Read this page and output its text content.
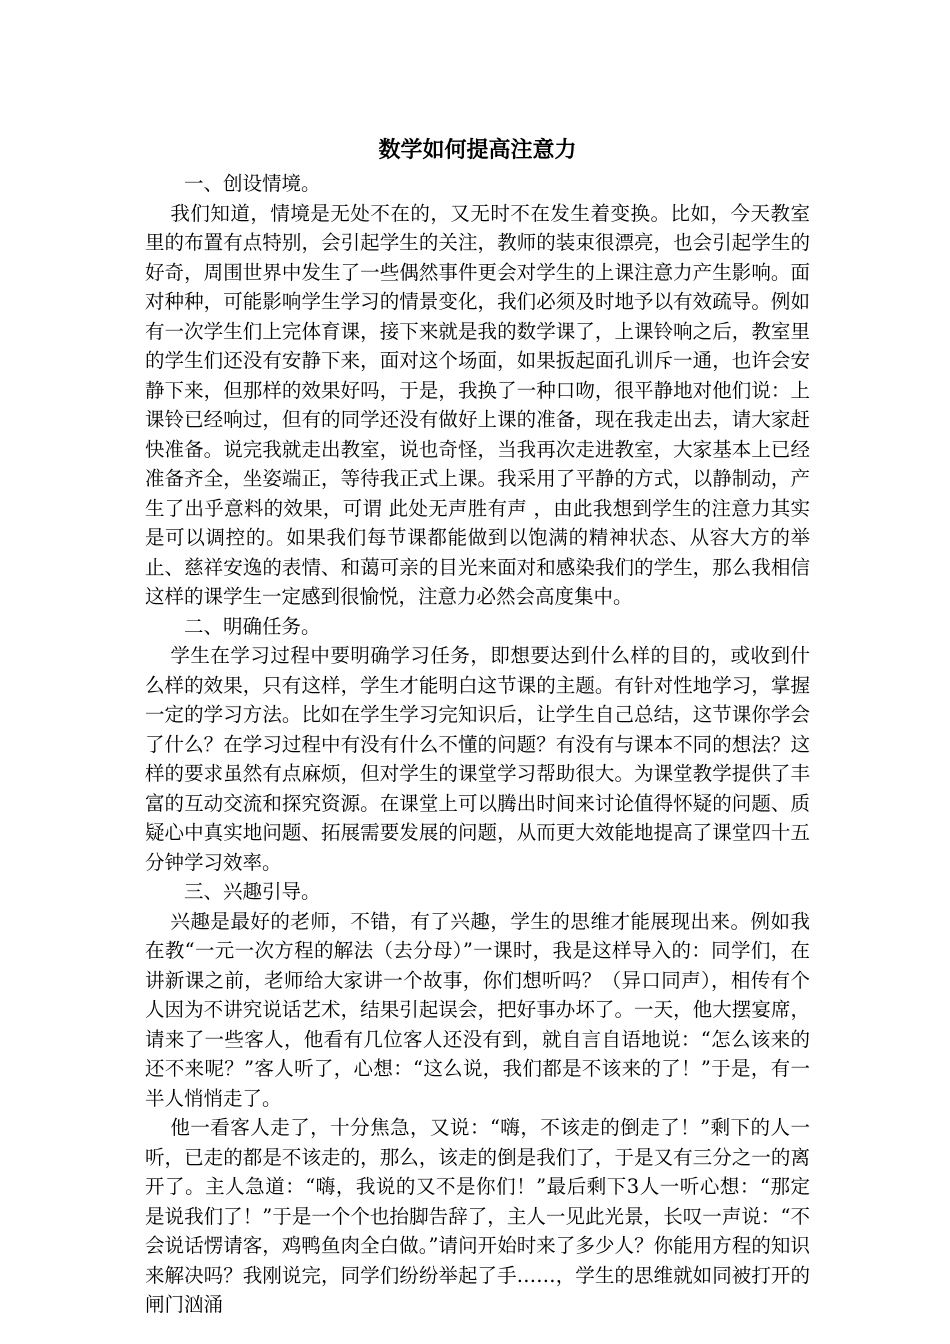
数学如何提高注意力

一、创设情境。

我们知道，情境是无处不在的，又无时不在发生着变换。比如，今天教室里的布置有点特别，会引起学生的关注，教师的装束很漂亮，也会引起学生的好奇，周围世界中发生了一些偶然事件更会对学生的上课注意力产生影响。面对种种，可能影响学生学习的情景变化，我们必须及时地予以有效疏导。例如有一次学生们上完体育课，接下来就是我的数学课了，上课铃响之后，教室里的学生们还没有安静下来，面对这个场面，如果扳起面孔训斥一通，也许会安静下来，但那样的效果好吗，于是，我换了一种口吻，很平静地对他们说：上课铃已经响过，但有的同学还没有做好上课的准备，现在我走出去，请大家赶快准备。说完我就走出教室，说也奇怪，当我再次走进教室，大家基本上已经准备齐全，坐姿端正，等待我正式上课。我采用了平静的方式，以静制动，产生了出乎意料的效果，可谓 此处无声胜有声 ，由此我想到学生的注意力其实是可以调控的。如果我们每节课都能做到以饱满的精神状态、从容大方的举止、慈祥安逸的表情、和蔼可亲的目光来面对和感染我们的学生，那么我相信这样的课学生一定感到很愉悦，注意力必然会高度集中。

二、明确任务。

学生在学习过程中要明确学习任务，即想要达到什么样的目的，或收到什么样的效果，只有这样，学生才能明白这节课的主题。有针对性地学习，掌握一定的学习方法。比如在学生学习完知识后，让学生自己总结，这节课你学会了什么？在学习过程中有没有什么不懂的问题？有没有与课本不同的想法？这样的要求虽然有点麻烦，但对学生的课堂学习帮助很大。为课堂教学提供了丰富的互动交流和探究资源。在课堂上可以腾出时间来讨论值得怀疑的问题、质疑心中真实地问题、拓展需要发展的问题，从而更大效能地提高了课堂四十五分钟学习效率。

三、兴趣引导。

兴趣是最好的老师，不错，有了兴趣，学生的思维才能展现出来。例如我在教“一元一次方程的解法（去分母）”一课时，我是这样导入的：同学们，在讲新课之前，老师给大家讲一个故事，你们想听吗？（异口同声），相传有个人因为不讲究说话艺术，结果引起误会，把好事办坏了。一天，他大摆宴席，请来了一些客人，他看有几位客人还没有到，就自言自语地说：“怎么该来的还不来呢？”客人听了，心想：“这么说，我们都是不该来的了！”于是，有一半人悄悄走了。

他一看客人走了，十分焦急，又说：“嗨，不该走的倒走了！”剩下的人一听，已走的都是不该走的，那么，该走的倒是我们了，于是又有三分之一的离开了。主人急道：“嗨，我说的又不是你们！”最后剩下3人一听心想：“那定是说我们了！”于是一个个也抬脚告辞了，主人一见此光景，长叹一声说：“不会说话愣请客，鸡鸭鱼肉全白做。”请问开始时来了多少人？你能用方程的知识来解决吗？我刚说完，同学们纷纷举起了手……，学生的思维就如同被打开的闸门汹涌
